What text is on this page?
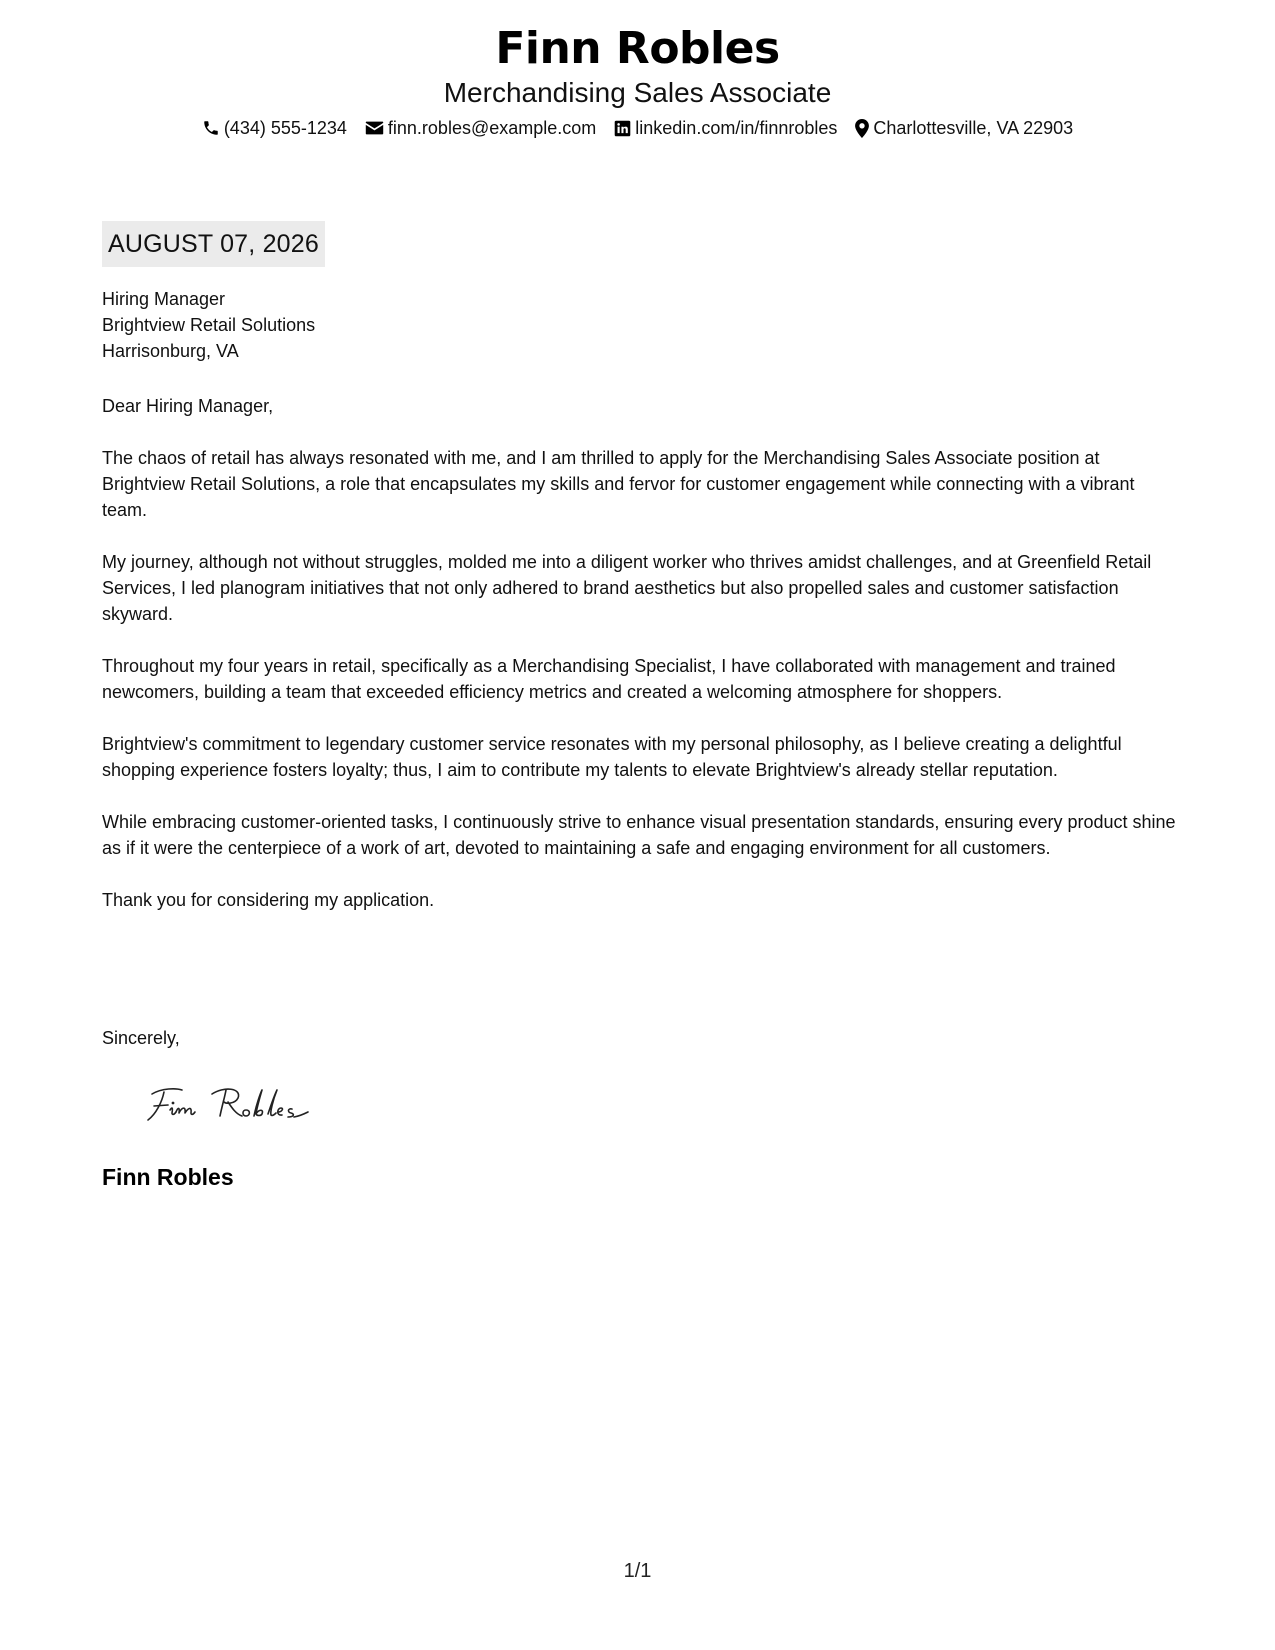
Finn Robles
Merchandising Sales Associate
(434) 555-1234 finn.robles@example.com linkedin.com/in/finnrobles Charlottesville, VA 22903
AUGUST 07, 2026
Hiring Manager
Brightview Retail Solutions
Harrisonburg, VA

Dear Hiring Manager,

The chaos of retail has always resonated with me, and I am thrilled to apply for the Merchandising Sales Associate position at Brightview Retail Solutions, a role that encapsulates my skills and fervor for customer engagement while connecting with a vibrant team.

My journey, although not without struggles, molded me into a diligent worker who thrives amidst challenges, and at Greenfield Retail Services, I led planogram initiatives that not only adhered to brand aesthetics but also propelled sales and customer satisfaction skyward.

Throughout my four years in retail, specifically as a Merchandising Specialist, I have collaborated with management and trained newcomers, building a team that exceeded efficiency metrics and created a welcoming atmosphere for shoppers.

Brightview's commitment to legendary customer service resonates with my personal philosophy, as I believe creating a delightful shopping experience fosters loyalty; thus, I aim to contribute my talents to elevate Brightview's already stellar reputation.

While embracing customer-oriented tasks, I continuously strive to enhance visual presentation standards, ensuring every product shine as if it were the centerpiece of a work of art, devoted to maintaining a safe and engaging environment for all customers.

Thank you for considering my application.

Sincerely,
Finn Robles
1/1
